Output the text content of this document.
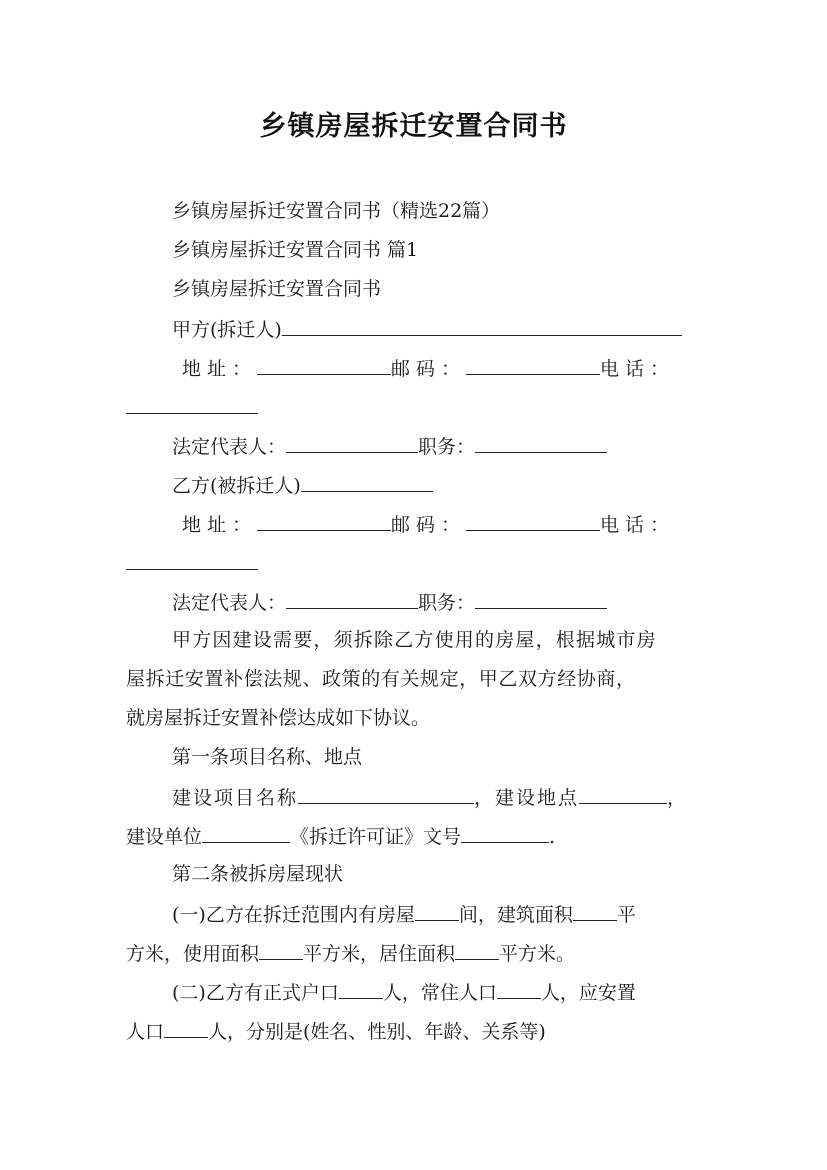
乡镇房屋拆迁安置合同书
乡镇房屋拆迁安置合同书（精选22篇）
乡镇房屋拆迁安置合同书 篇1
乡镇房屋拆迁安置合同书
甲方(拆迁人)
地址：	邮码：	电话：
法定代表人：	职务：
乙方(被拆迁人)
地址：	邮码：	电话：
法定代表人：	职务：
甲方因建设需要，须拆除乙方使用的房屋，根据城市房
屋拆迁安置补偿法规、政策的有关规定，甲乙双方经协商，
就房屋拆迁安置补偿达成如下协议。
第一条项目名称、地点
建设项目名称	，建设地点	，
建设单位	《拆迁许可证》文号	.
第二条被拆房屋现状
(一)乙方在拆迁范围内有房屋 间，建筑面积 平
方米，使用面积 平方米，居住面积 平方米。
(二)乙方有正式户口 人，常住人口 人，应安置
人口 人，分别是(姓名、性别、年龄、关系等)
